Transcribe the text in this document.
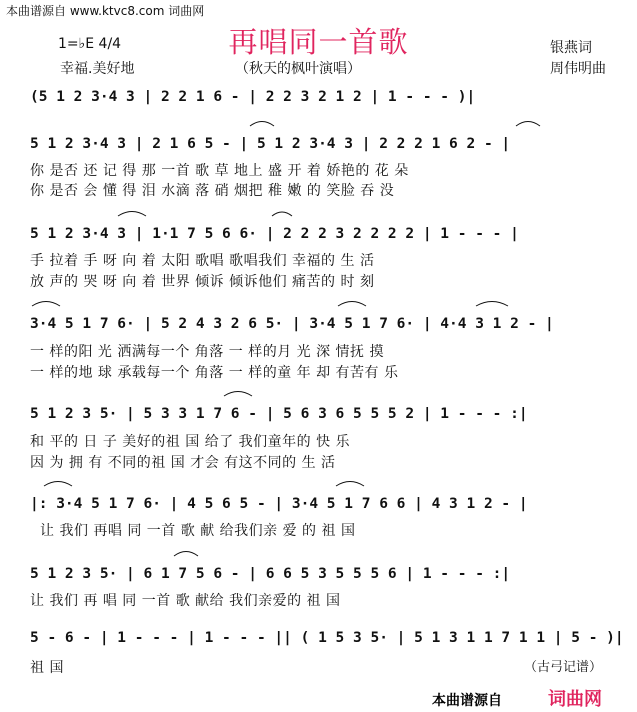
本曲谱源自 www.ktvc8.com 词曲网
再唱同一首歌
1=♭E 4/4
幸福.美好地	（秋天的枫叶演唱）
银燕词
周伟明曲
(5 1 2 3·4 3 | 2 2 1 6 - | 2 2 3 2 1 2 | 1 - - - )|
5 1 2 3·4 3 | 2 1 6 5 - | 5 1 2 3·4 3 | 2 2 2 1 6 2 - |
你 是否 还 记 得 那 一首 歌 草 地上 盛 开 着 娇艳的 花 朵
你 是否 会 懂 得 泪 水滴 落 硝 烟把 稚 嫩 的 笑脸 吞 没
5 1 2 3·4 3 | 1·1 7 5 6 6· | 2 2 2 3 2 2 2 2 | 1 - - - |
手 拉着 手 呀 向 着 太阳 歌唱 歌唱我们 幸福的 生 活
放 声的 哭 呀 向 着 世界 倾诉 倾诉他们 痛苦的 时 刻
3·4 5 1 7 6· | 5 2 4 3 2 6 5· | 3·4 5 1 7 6· | 4·4 3 1 2 - |
一 样的阳 光 洒满每一个 角落 一 样的月 光 深 情抚 摸
一 样的地 球 承载每一个 角落 一 样的童 年 却 有苦有 乐
5 1 2 3 5· | 5 3 3 1 7 6 - | 5 6 3 6 5 5 5 2 | 1 - - - :|
和 平的 日 子 美好的祖 国 给了 我们童年的 快 乐
因 为 拥 有 不同的祖 国 才会 有这不同的 生 活
|: 3·4 5 1 7 6· | 4 5 6 5 - | 3·4 5 1 7 6 6 | 4 3 1 2 - |
让 我们 再唱 同 一首 歌 献 给我们亲 爱 的 祖 国
5 1 2 3 5· | 6 1 7 5 6 - | 6 6 5 3 5 5 5 6 | 1 - - - :|
让 我们 再 唱 同 一首 歌 献给 我们亲爱的 祖 国
5 - 6 - | 1 - - - | 1 - - - || ( 1 5 3 5· | 5 1 3 1 1 7 1 1 | 5 - )|
祖 国	（古弓记谱）
本曲谱源自	词曲网
